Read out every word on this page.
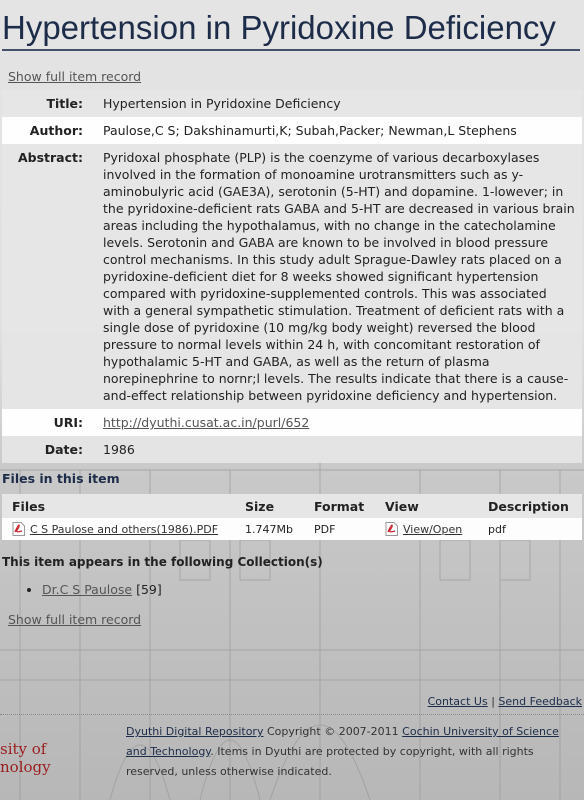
Hypertension in Pyridoxine Deficiency
Show full item record
Title:	Hypertension in Pyridoxine Deficiency
Author:	Paulose,C S; Dakshinamurti,K; Subah,Packer; Newman,L Stephens
Abstract:	Pyridoxal phosphate (PLP) is the coenzyme of various decarboxylases involved in the formation of monoamine urotransmitters such as y-aminobulyric acid (GAE3A), serotonin (5-HT) and dopamine. 1-lowever; in the pyridoxine-deficient rats GABA and 5-HT are decreased in various brain areas including the hypothalamus, with no change in the catecholamine levels. Serotonin and GABA are known to be involved in blood pressure control mechanisms. In this study adult Sprague-Dawley rats placed on a pyridoxine-deficient diet for 8 weeks showed significant hypertension compared with pyridoxine-supplemented controls. This was associated with a general sympathetic stimulation. Treatment of deficient rats with a single dose of pyridoxine (10 mg/kg body weight) reversed the blood pressure to normal levels within 24 h, with concomitant restoration of hypothalamic 5-HT and GABA, as well as the return of plasma norepinephrine to nornr;l levels. The results indicate that there is a cause-and-effect relationship between pyridoxine deficiency and hypertension.
URI:	http://dyuthi.cusat.ac.in/purl/652
Date:	1986
Files in this item
Files	Size	Format	View	Description
C S Paulose and others(1986).PDF	1.747Mb	PDF	View/Open	pdf
This item appears in the following Collection(s)
• Dr.C S Paulose [59]
Show full item record
Contact Us | Send Feedback
sity of
nology
Dyuthi Digital Repository Copyright © 2007-2011 Cochin University of Science and Technology. Items in Dyuthi are protected by copyright, with all rights reserved, unless otherwise indicated.
